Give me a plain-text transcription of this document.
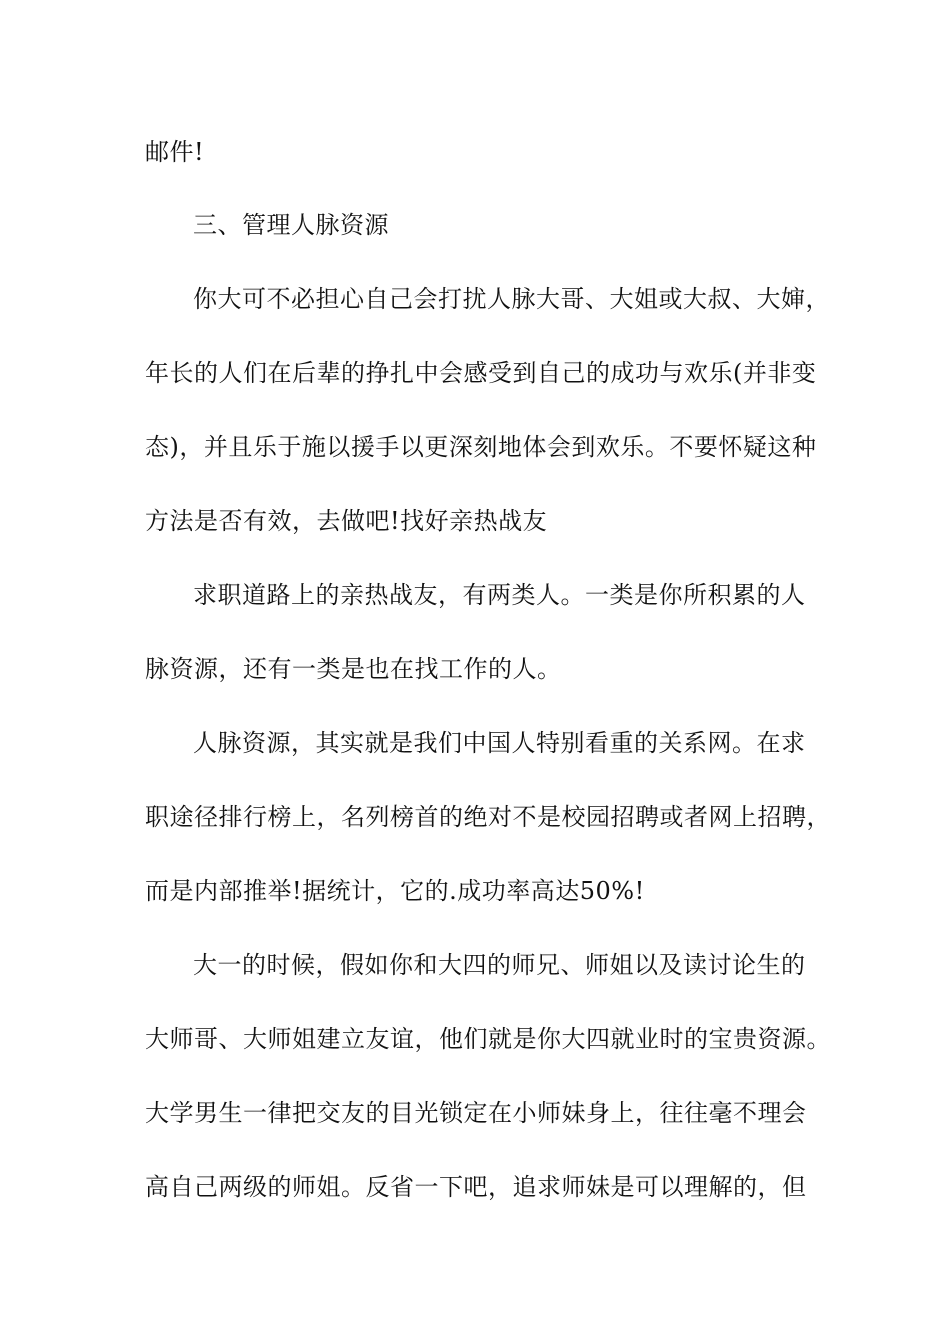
邮件!
三、管理人脉资源
你大可不必担心自己会打扰人脉大哥、大姐或大叔、大婶，
年长的人们在后辈的挣扎中会感受到自己的成功与欢乐(并非变
态)，并且乐于施以援手以更深刻地体会到欢乐。不要怀疑这种
方法是否有效，去做吧!找好亲热战友
求职道路上的亲热战友，有两类人。一类是你所积累的人
脉资源，还有一类是也在找工作的人。
人脉资源，其实就是我们中国人特别看重的关系网。在求
职途径排行榜上，名列榜首的绝对不是校园招聘或者网上招聘，
而是内部推举!据统计，它的.成功率高达50%!
大一的时候，假如你和大四的师兄、师姐以及读讨论生的
大师哥、大师姐建立友谊，他们就是你大四就业时的宝贵资源。
大学男生一律把交友的目光锁定在小师妹身上，往往毫不理会
高自己两级的师姐。反省一下吧，追求师妹是可以理解的，但
